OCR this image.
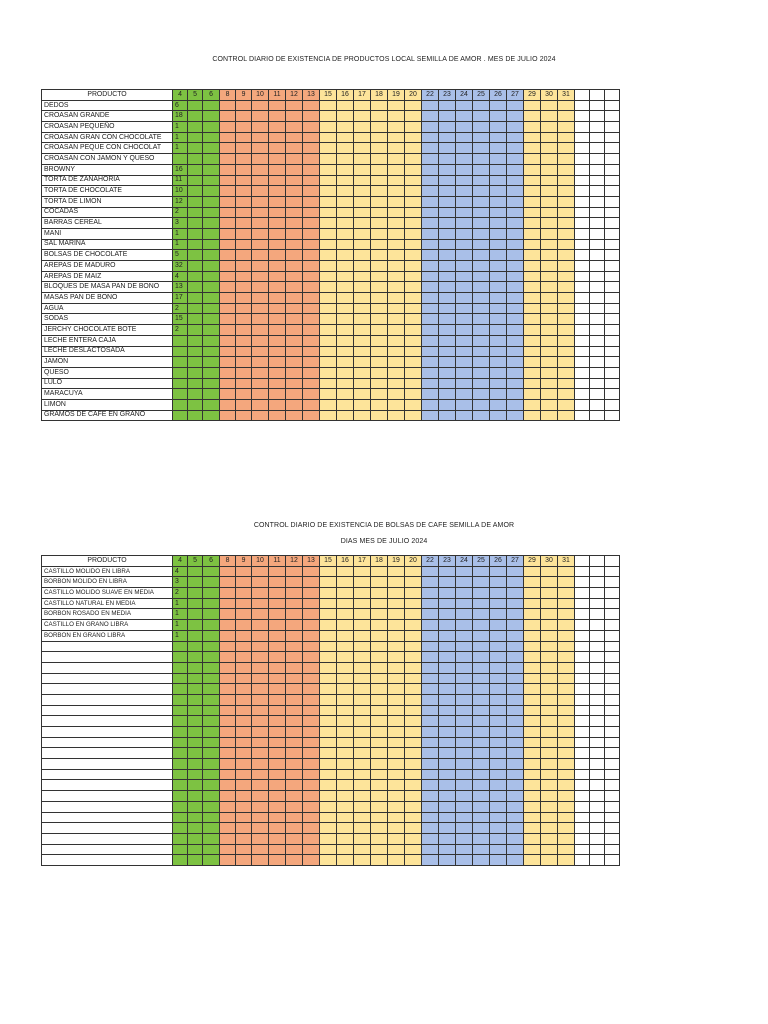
CONTROL DIARIO DE EXISTENCIA DE PRODUCTOS LOCAL SEMILLA DE AMOR . MES DE JULIO 2024
PRODUCTO	4	5	6	8	9	10	11	12	13	15	16	17	18	19	20	22	23	24	25	26	27	29	30	31			
DEDOS	6																										
CROASAN GRANDE	18																										
CROASAN PEQUEÑO	1																										
CROASAN GRAN CON CHOCOLATE	1																										
CROASAN PEQUE CON CHOCOLAT	1																										
CROASAN CON JAMON Y QUESO																											
BROWNY	16																										
TORTA DE ZANAHORIA	11																										
TORTA DE CHOCOLATE	10																										
TORTA DE LIMON	12																										
COCADAS	2																										
BARRAS CEREAL	3																										
MANI	1																										
SAL MARINA	1																										
BOLSAS DE CHOCOLATE	5																										
AREPAS DE MADURO	32																										
AREPAS DE MAIZ	4																										
BLOQUES DE MASA PAN DE BONO	13																										
MASAS PAN DE BONO	17																										
AGUA	2																										
SODAS	15																										
JERCHY CHOCOLATE BOTE	2																										
LECHE ENTERA CAJA																											
LECHE DESLACTOSADA																											
JAMON																											
QUESO																											
LULO																											
MARACUYA																											
LIMON																											
GRAMOS DE CAFÉ EN GRANO																											
CONTROL DIARIO DE EXISTENCIA DE BOLSAS DE CAFE SEMILLA DE AMOR
DIAS MES DE JULIO 2024
PRODUCTO	4	5	6	8	9	10	11	12	13	15	16	17	18	19	20	22	23	24	25	26	27	29	30	31			
CASTILLO MOLIDO EN LIBRA	4																										
BORBON MOLIDO EN LIBRA	3																										
CASTILLO MOLIDO SUAVE EN MEDIA	2																										
CASTILLO NATURAL EN MEDIA	1																										
BORBON ROSADO EN MEDIA	1																										
CASTILLO EN GRANO LIBRA	1																										
BORBON EN GRANO LIBRA	1																										
